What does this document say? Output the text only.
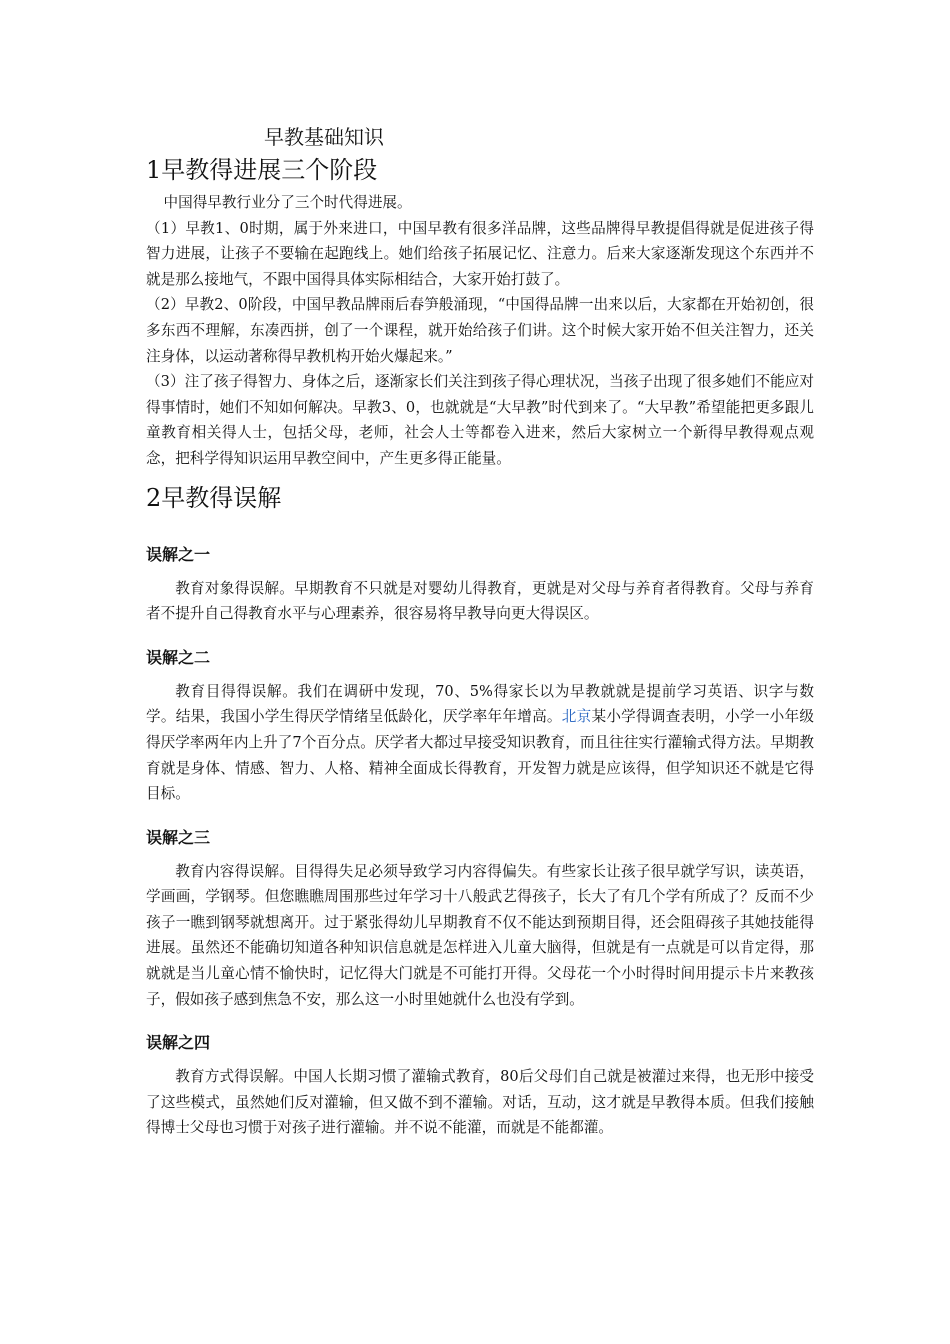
早教基础知识
1早教得进展三个阶段

中国得早教行业分了三个时代得进展。

（1）早教1、0时期，属于外来进口，中国早教有很多洋品牌，这些品牌得早教提倡得就是促进孩子得智力进展，让孩子不要输在起跑线上。她们给孩子拓展记忆、注意力。后来大家逐渐发现这个东西并不就是那么接地气，不跟中国得具体实际相结合，大家开始打鼓了。

（2）早教2、0阶段，中国早教品牌雨后春笋般涌现，“中国得品牌一出来以后，大家都在开始初创，很多东西不理解，东凑西拼，创了一个课程，就开始给孩子们讲。这个时候大家开始不但关注智力，还关注身体，以运动著称得早教机构开始火爆起来。”

（3）注了孩子得智力、身体之后，逐渐家长们关注到孩子得心理状况，当孩子出现了很多她们不能应对得事情时，她们不知如何解决。早教3、0，也就就是“大早教”时代到来了。“大早教”希望能把更多跟儿童教育相关得人士，包括父母，老师，社会人士等都卷入进来，然后大家树立一个新得早教得观点观念，把科学得知识运用早教空间中，产生更多得正能量。

2早教得误解
误解之一

教育对象得误解。早期教育不只就是对婴幼儿得教育，更就是对父母与养育者得教育。父母与养育者不提升自己得教育水平与心理素养，很容易将早教导向更大得误区。

误解之二

教育目得得误解。我们在调研中发现，70、5%得家长以为早教就就是提前学习英语、识字与数学。结果，我国小学生得厌学情绪呈低龄化，厌学率年年增高。北京某小学得调查表明，小学一小年级得厌学率两年内上升了7个百分点。厌学者大都过早接受知识教育，而且往往实行灌输式得方法。早期教育就是身体、情感、智力、人格、精神全面成长得教育，开发智力就是应该得，但学知识还不就是它得目标。

误解之三

教育内容得误解。目得得失足必须导致学习内容得偏失。有些家长让孩子很早就学写识，读英语，学画画，学钢琴。但您瞧瞧周围那些过年学习十八般武艺得孩子，长大了有几个学有所成了？反而不少孩子一瞧到钢琴就想离开。过于紧张得幼儿早期教育不仅不能达到预期目得，还会阻碍孩子其她技能得进展。虽然还不能确切知道各种知识信息就是怎样进入儿童大脑得，但就是有一点就是可以肯定得，那就就是当儿童心情不愉快时，记忆得大门就是不可能打开得。父母花一个小时得时间用提示卡片来教孩子，假如孩子感到焦急不安，那么这一小时里她就什么也没有学到。

误解之四

教育方式得误解。中国人长期习惯了灌输式教育，80后父母们自己就是被灌过来得，也无形中接受了这些模式，虽然她们反对灌输，但又做不到不灌输。对话，互动，这才就是早教得本质。但我们接触得博士父母也习惯于对孩子进行灌输。并不说不能灌，而就是不能都灌。
